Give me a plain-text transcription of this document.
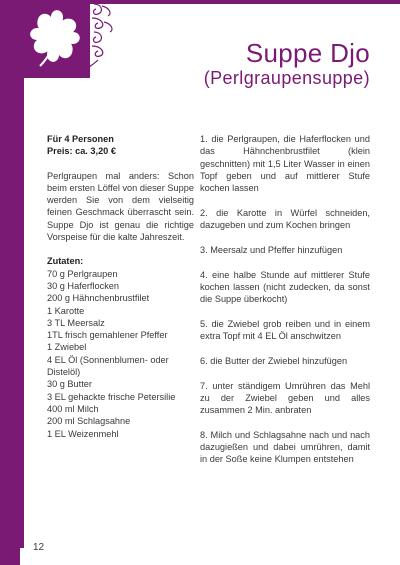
Suppe Djo
(Perlgraupensuppe)

Für 4 Personen

Preis: ca. 3,20 €

Perlgraupen mal anders: Schon beim ersten Löffel von dieser Suppe werden Sie von dem vielseitig feinen Geschmack überrascht sein. Suppe Djo ist genau die richtige Vorspeise für die kalte Jahreszeit.

Zutaten:

70 g Perlgraupen
30 g Haferflocken
200 g Hähnchenbrustfilet
1 Karotte
3 TL Meersalz
1TL frisch gemahlener Pfeffer
1 Zwiebel
4 EL Öl (Sonnenblumen- oder Distelöl)
30 g Butter
3 EL gehackte frische Petersilie
400 ml Milch
200 ml Schlagsahne
1 EL Weizenmehl

1. die Perlgraupen, die Haferflocken und das Hähnchenbrustfilet (klein geschnitten) mit 1,5 Liter Wasser in einen Topf geben und auf mittlerer Stufe kochen lassen

2. die Karotte in Würfel schneiden, dazugeben und zum Kochen bringen

3. Meersalz und Pfeffer hinzufügen

4. eine halbe Stunde auf mittlerer Stufe kochen lassen (nicht zudecken, da sonst die Suppe überkocht)

5. die Zwiebel grob reiben und in einem extra Topf mit 4 EL Öl anschwitzen

6. die Butter der Zwiebel hinzufügen

7. unter ständigem Umrühren das Mehl zu der Zwiebel geben und alles zusammen 2 Min. anbraten

8. Milch und Schlagsahne nach und nach dazugießen und dabei umrühren, damit in der Soße keine Klumpen entstehen

12
